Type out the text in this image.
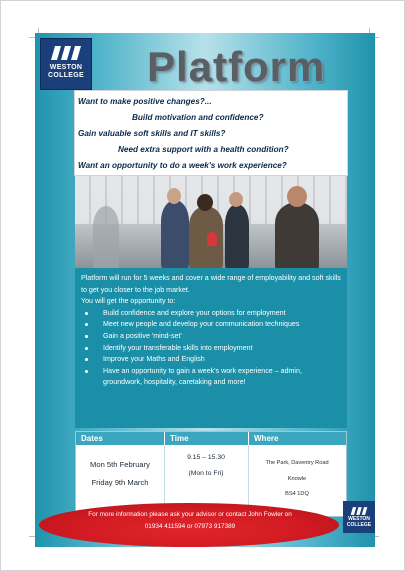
WESTON
COLLEGE Platform
Want to make positive changes?...
Build motivation and confidence?
Gain valuable soft skills and IT skills?
Need extra support with a health condition?
Want an opportunity to do a week's work experience?

Platform will run for 5 weeks and cover a wide range of employability and soft skills to get you closer to the job market.

You will get the opportunity to:

Build confidence and explore your options for employment
Meet new people and develop your communication techniques
Gain a positive 'mind-set'
Identify your transferable skills into employment
Improve your Maths and English
Have an opportunity to gain a week's work experience – admin, groundwork, hospitality, caretaking and more!
Dates	Time	Where
Mon 5th February
Friday 9th March
9.15 – 15.30
(Mon to Fri)
The Park, Daventry Road
Knowle
BS4 1DQ
For more information please ask your advisor or contact John Fowler on
01934 411594 or 07973 917389
WESTON
COLLEGE
